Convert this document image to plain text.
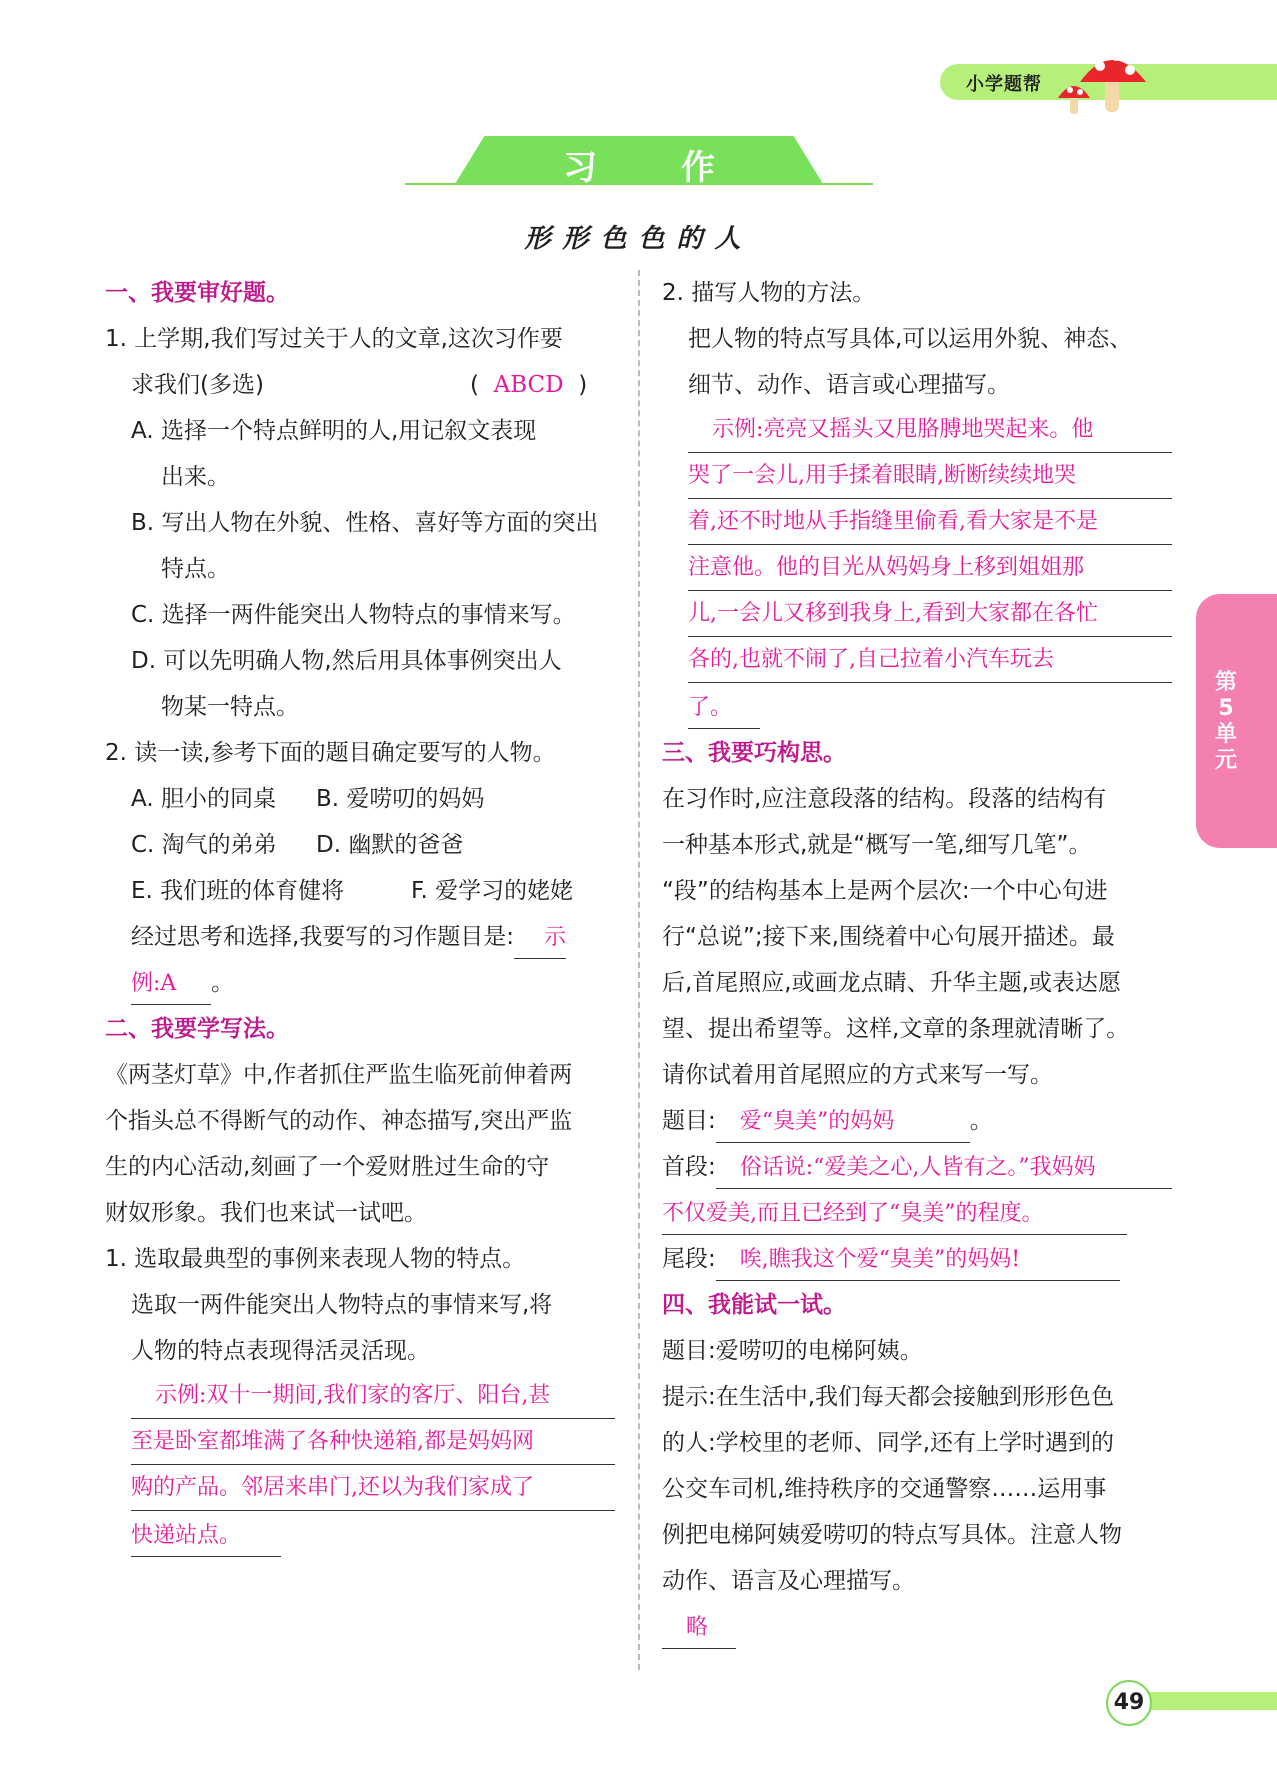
小学题帮
习 作
形形色色的人
一、我要审好题。
1. 上学期,我们写过关于人的文章,这次习作要
求我们(多选)	(  ABCD  )
A. 选择一个特点鲜明的人,用记叙文表现
出来。
B. 写出人物在外貌、性格、喜好等方面的突出
特点。
C. 选择一两件能突出人物特点的事情来写。
D. 可以先明确人物,然后用具体事例突出人
物某一特点。
2. 读一读,参考下面的题目确定要写的人物。
A. 胆小的同桌 B. 爱唠叨的妈妈
C. 淘气的弟弟 D. 幽默的爸爸
E. 我们班的体育健将	F. 爱学习的姥姥
经过思考和选择,我要写的习作题目是: 示
例:A 。
二、我要学写法。
《两茎灯草》中,作者抓住严监生临死前伸着两
个指头总不得断气的动作、神态描写,突出严监
生的内心活动,刻画了一个爱财胜过生命的守
财奴形象。我们也来试一试吧。
1. 选取最典型的事例来表现人物的特点。
选取一两件能突出人物特点的事情来写,将
人物的特点表现得活灵活现。
示例:双十一期间,我们家的客厅、阳台,甚
至是卧室都堆满了各种快递箱,都是妈妈网
购的产品。邻居来串门,还以为我们家成了
快递站点。
2. 描写人物的方法。
把人物的特点写具体,可以运用外貌、神态、
细节、动作、语言或心理描写。
示例:亮亮又摇头又甩胳膊地哭起来。他
哭了一会儿,用手揉着眼睛,断断续续地哭
着,还不时地从手指缝里偷看,看大家是不是
注意他。他的目光从妈妈身上移到姐姐那
儿,一会儿又移到我身上,看到大家都在各忙
各的,也就不闹了,自己拉着小汽车玩去
了。
三、我要巧构思。
在习作时,应注意段落的结构。段落的结构有
一种基本形式,就是“概写一笔,细写几笔”。
“段”的结构基本上是两个层次:一个中心句进
行“总说”;接下来,围绕着中心句展开描述。最
后,首尾照应,或画龙点睛、升华主题,或表达愿
望、提出希望等。这样,文章的条理就清晰了。
请你试着用首尾照应的方式来写一写。
题目: 爱“臭美”的妈妈	。
首段: 俗话说:“爱美之心,人皆有之。”我妈妈
不仅爱美,而且已经到了“臭美”的程度。
尾段: 唉,瞧我这个爱“臭美”的妈妈!
四、我能试一试。
题目:爱唠叨的电梯阿姨。
提示:在生活中,我们每天都会接触到形形色色
的人:学校里的老师、同学,还有上学时遇到的
公交车司机,维持秩序的交通警察……运用事
例把电梯阿姨爱唠叨的特点写具体。注意人物
动作、语言及心理描写。
略
第
5
单
元
49
